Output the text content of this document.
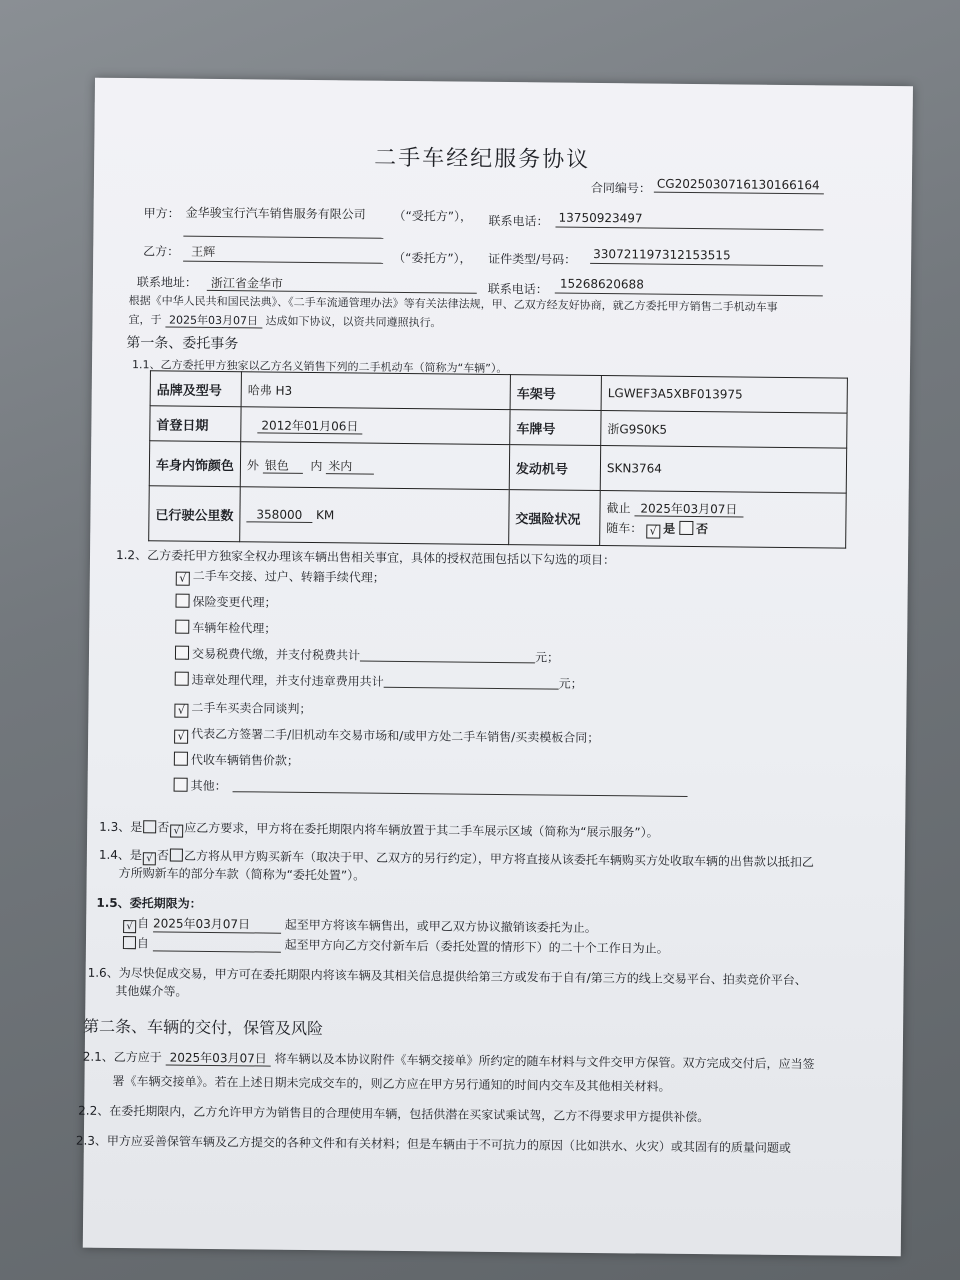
二手车经纪服务协议
合同编号： CG20250307161301661​64
甲方： 金华骏宝行汽车销售服务有限公司	（“受托方”）， 联系电话： 13750923497
乙方： 王辉	（“委托方”）， 证件类型/号码： 330721197312153515
联系地址： 浙江省金华市	联系电话： 15268620688
根据《中华人民共和国民法典》、《二手车流通管理办法》等有关法律法规，甲、乙双方经友好协商，就乙方委托甲方销售二手机动车事
宜，于 2025年03月07日 达成如下协议，以资共同遵照执行。
第一条、委托事务
1.1、乙方委托甲方独家以乙方名义销售下列的二手机动车（简称为“车辆”）。
品牌及型号	哈弗 H3	车架号	LGWEF3A5XBF013975
首登日期	2012年01月06日	车牌号	浙G9S0K5
车身内饰颜色	外 银色 内 米内	发动机号	SKN3764
已行驶公里数	358000 KM	交强险状况	截止 2025年03月07日
随车： √ 是 否
1.2、乙方委托甲方独家全权办理该车辆出售相关事宜，具体的授权范围包括以下勾选的项目：
√ 二手车交接、过户、转籍手续代理；
保险变更代理；
车辆年检代理；
交易税费代缴，并支付税费共计	元；
违章处理代理，并支付违章费用共计	元；
√ 二手车买卖合同谈判；
√ 代表乙方签署二手/旧机动车交易市场和/或甲方处二手车销售/买卖模板合同；
代收车辆销售价款；
其他：
1.3、是 否 √ 应乙方要求，甲方将在委托期限内将车辆放置于其二手车展示区域（简称为“展示服务”）。
1.4、是 √ 否 乙方将从甲方购买新车（取决于甲、乙双方的另行约定），甲方将直接从该委托车辆购买方处收取车辆的出售款以抵扣乙
方所购新车的部分车款（简称为“委托处置”）。
1.5、委托期限为：
√ 自 2025年03月07日	起至甲方将该车辆售出，或甲乙双方协议撤销该委托为止。
自	起至甲方向乙方交付新车后（委托处置的情形下）的二十个工作日为止。
1.6、为尽快促成交易，甲方可在委托期限内将该车辆及其相关信息提供给第三方或发布于自有/第三方的线上交易平台、拍卖竞价平台、
其他媒介等。
第二条、车辆的交付，保管及风险
2.1、乙方应于 2025年03月07日 将车辆以及本协议附件《车辆交接单》所约定的随车材料与文件交甲方保管。双方完成交付后，应当签
署《车辆交接单》。若在上述日期未完成交车的，则乙方应在甲方另行通知的时间内交车及其他相关材料。
2.2、在委托期限内，乙方允许甲方为销售目的合理使用车辆，包括供潜在买家试乘试驾，乙方不得要求甲方提供补偿。
2.3、甲方应妥善保管车辆及乙方提交的各种文件和有关材料；但是车辆由于不可抗力的原因（比如洪水、火灾）或其固有的质量问题或
